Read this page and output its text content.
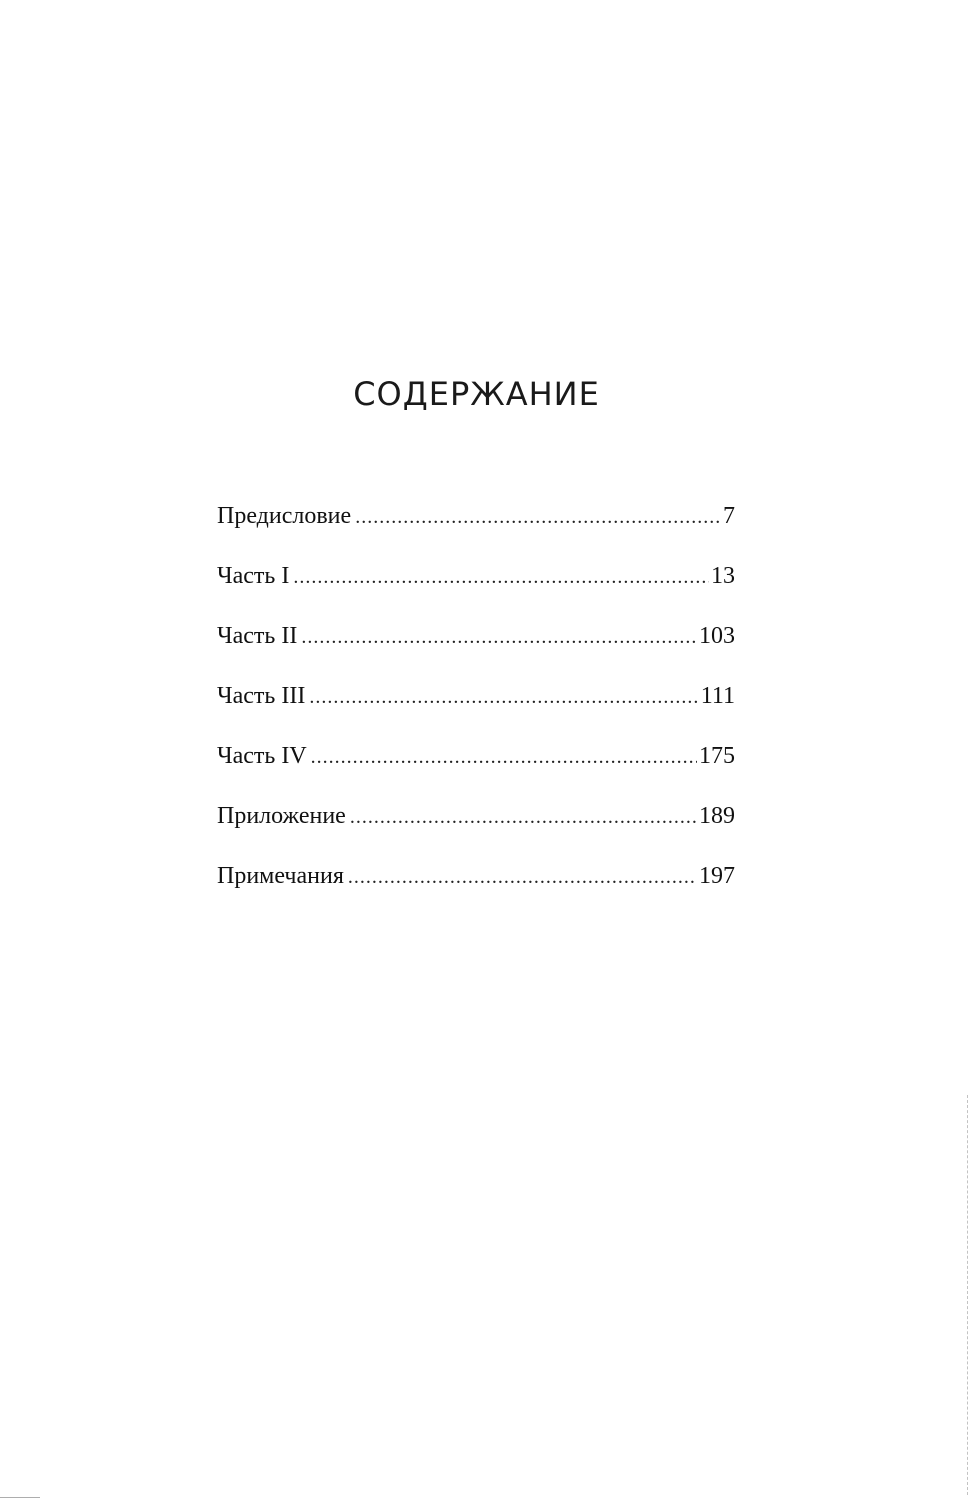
СОДЕРЖАНИЕ
Предисловие .....	7
Часть I .....	13
Часть II .....	103
Часть III .....	111
Часть IV .....	175
Приложение .....	189
Примечания .....	197
